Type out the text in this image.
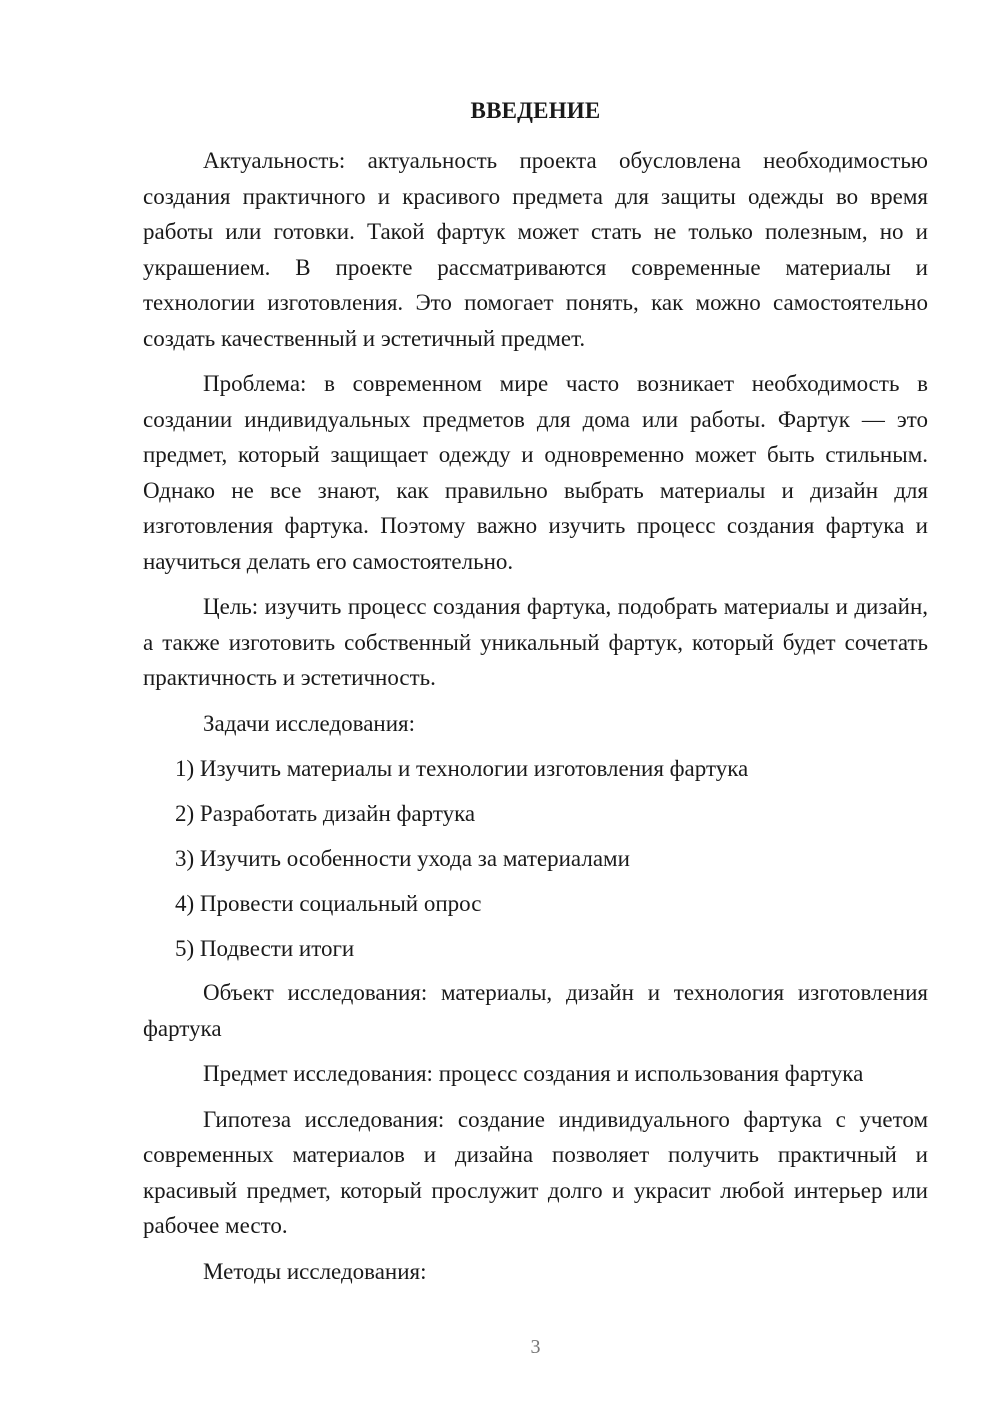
ВВЕДЕНИЕ

Актуальность: актуальность проекта обусловлена необходимостью создания практичного и красивого предмета для защиты одежды во время работы или готовки. Такой фартук может стать не только полезным, но и украшением. В проекте рассматриваются современные материалы и технологии изготовления. Это помогает понять, как можно самостоятельно создать качественный и эстетичный предмет.

Проблема: в современном мире часто возникает необходимость в создании индивидуальных предметов для дома или работы. Фартук — это предмет, который защищает одежду и одновременно может быть стильным. Однако не все знают, как правильно выбрать материалы и дизайн для изготовления фартука. Поэтому важно изучить процесс создания фартука и научиться делать его самостоятельно.

Цель: изучить процесс создания фартука, подобрать материалы и дизайн, а также изготовить собственный уникальный фартук, который будет сочетать практичность и эстетичность.

Задачи исследования:

1) Изучить материалы и технологии изготовления фартука

2) Разработать дизайн фартука

3) Изучить особенности ухода за материалами

4) Провести социальный опрос

5) Подвести итоги

Объект исследования: материалы, дизайн и технология изготовления фартука

Предмет исследования: процесс создания и использования фартука

Гипотеза исследования: создание индивидуального фартука с учетом современных материалов и дизайна позволяет получить практичный и красивый предмет, который прослужит долго и украсит любой интерьер или рабочее место.

Методы исследования:

3
